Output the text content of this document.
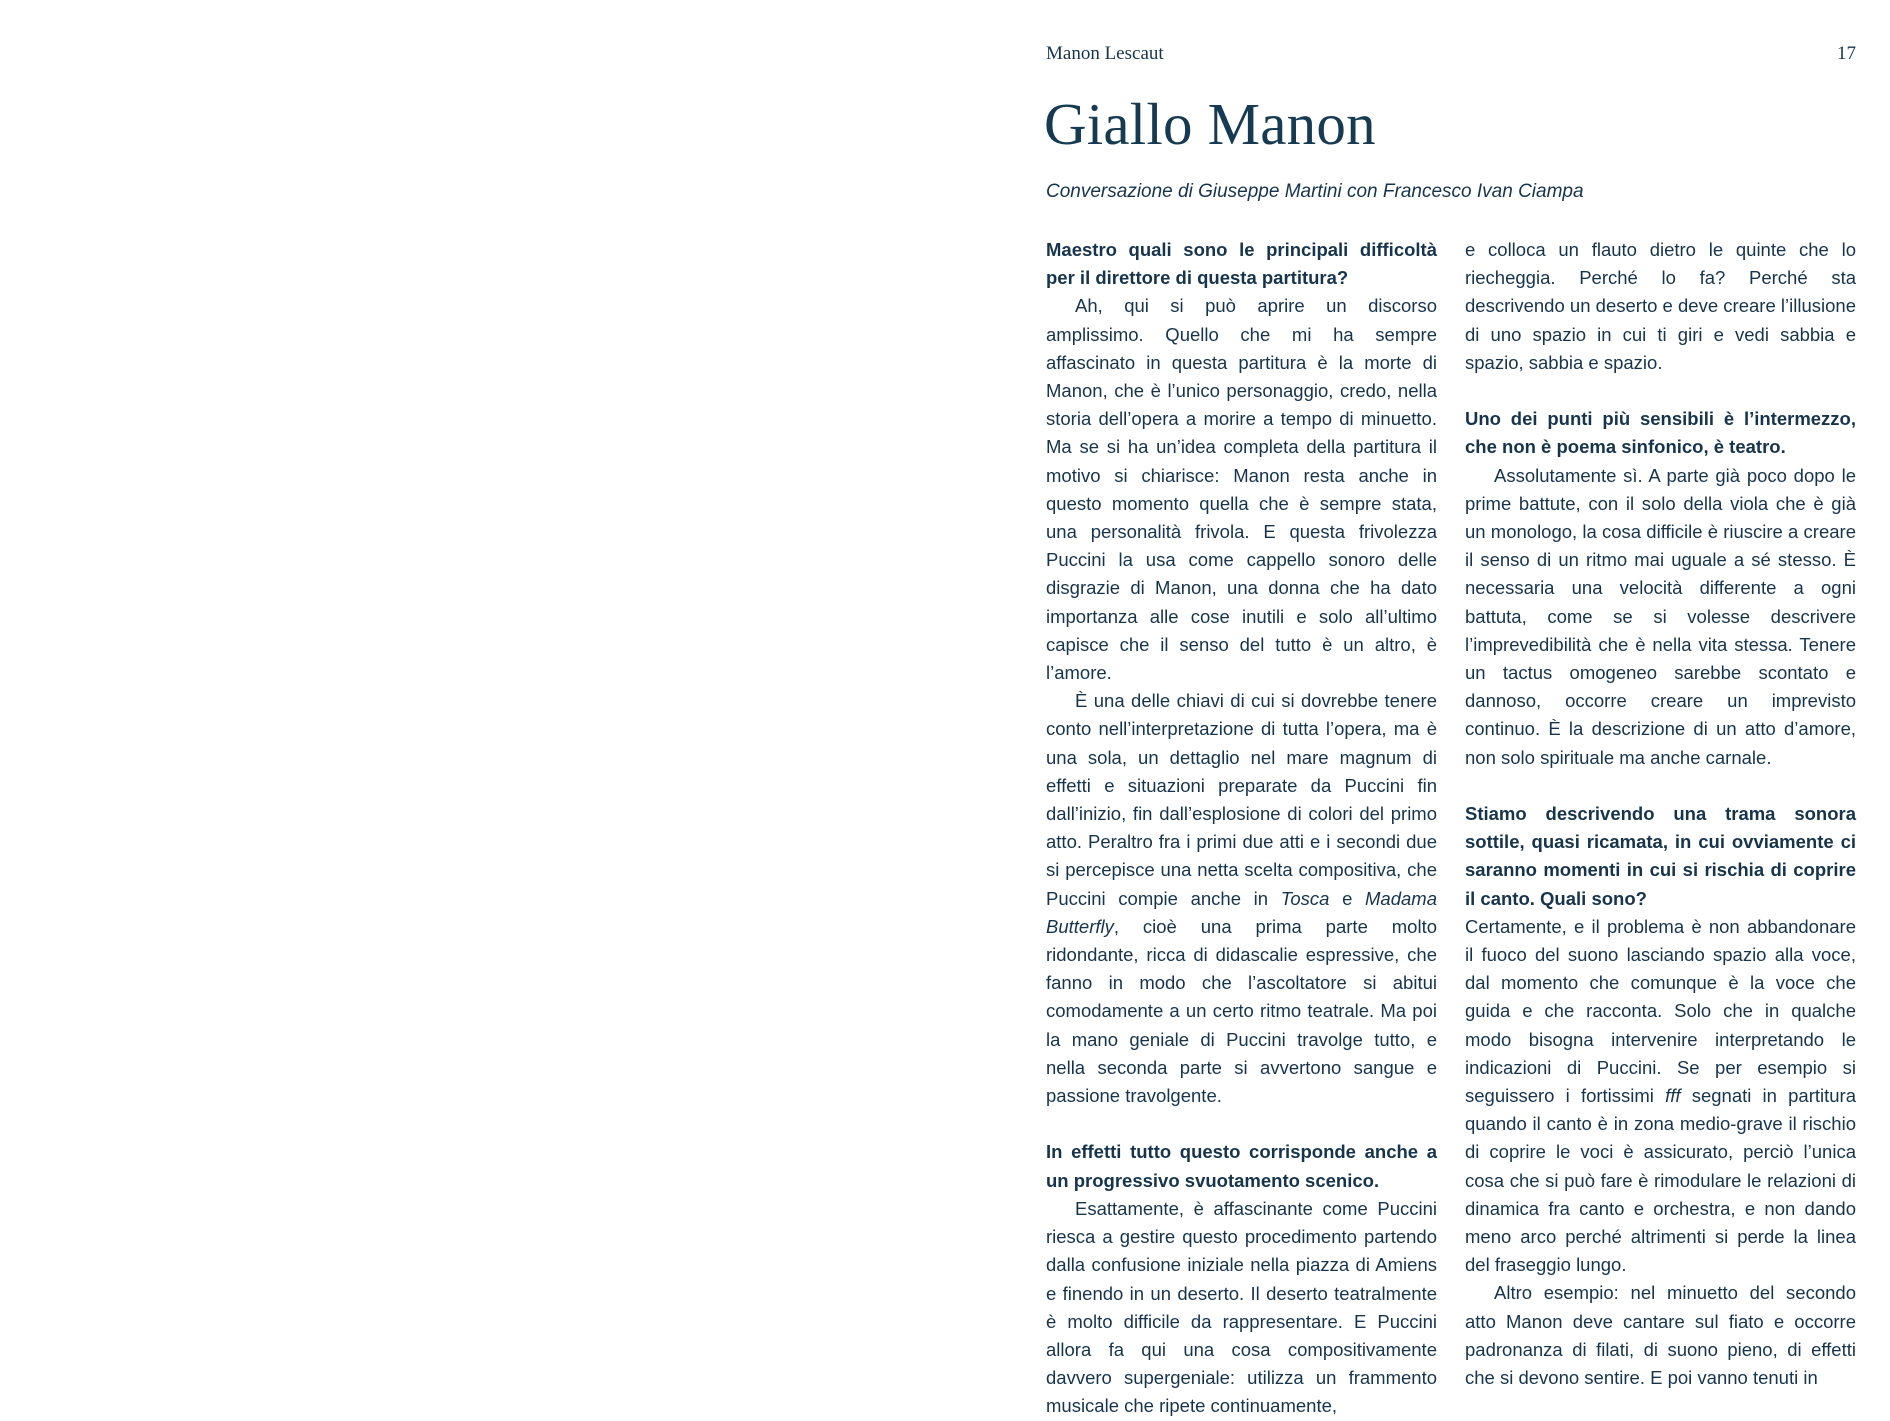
Manon Lescaut	17
Giallo Manon
Conversazione di Giuseppe Martini con Francesco Ivan Ciampa

Maestro quali sono le principali difficoltà per il direttore di questa partitura?

Ah, qui si può aprire un discorso amplissimo. Quello che mi ha sempre affascinato in questa partitura è la morte di Manon, che è l’unico personaggio, credo, nella storia dell’opera a morire a tempo di minuetto. Ma se si ha un’idea completa della partitura il motivo si chiarisce: Manon resta anche in questo momento quella che è sempre stata, una personalità frivola. E questa frivolezza Puccini la usa come cappello sonoro delle disgrazie di Manon, una donna che ha dato importanza alle cose inutili e solo all’ultimo capisce che il senso del tutto è un altro, è l’amore.

È una delle chiavi di cui si dovrebbe tenere conto nell’interpretazione di tutta l’opera, ma è una sola, un dettaglio nel mare magnum di effetti e situazioni preparate da Puccini fin dall’inizio, fin dall’esplosione di colori del primo atto. Peraltro fra i primi due atti e i secondi due si percepisce una netta scelta compositiva, che Puccini compie anche in Tosca e Madama Butterfly, cioè una prima parte molto ridondante, ricca di didascalie espressive, che fanno in modo che l’ascoltatore si abitui comodamente a un certo ritmo teatrale. Ma poi la mano geniale di Puccini travolge tutto, e nella seconda parte si avvertono sangue e passione travolgente.

In effetti tutto questo corrisponde anche a un progressivo svuotamento scenico.

Esattamente, è affascinante come Puccini riesca a gestire questo procedimento partendo dalla confusione iniziale nella piazza di Amiens e finendo in un deserto. Il deserto teatralmente è molto difficile da rappresentare. E Puccini allora fa qui una cosa compositivamente davvero supergeniale: utilizza un frammento musicale che ripete continuamente,

e colloca un flauto dietro le quinte che lo riecheggia. Perché lo fa? Perché sta descrivendo un deserto e deve creare l’illusione di uno spazio in cui ti giri e vedi sabbia e spazio, sabbia e spazio.

Uno dei punti più sensibili è l’intermezzo, che non è poema sinfonico, è teatro.

Assolutamente sì. A parte già poco dopo le prime battute, con il solo della viola che è già un monologo, la cosa difficile è riuscire a creare il senso di un ritmo mai uguale a sé stesso. È necessaria una velocità differente a ogni battuta, come se si volesse descrivere l’imprevedibilità che è nella vita stessa. Tenere un tactus omogeneo sarebbe scontato e dannoso, occorre creare un imprevisto continuo. È la descrizione di un atto d’amore, non solo spirituale ma anche carnale.

Stiamo descrivendo una trama sonora sottile, quasi ricamata, in cui ovviamente ci saranno momenti in cui si rischia di coprire il canto. Quali sono?

Certamente, e il problema è non abbandonare il fuoco del suono lasciando spazio alla voce, dal momento che comunque è la voce che guida e che racconta. Solo che in qualche modo bisogna intervenire interpretando le indicazioni di Puccini. Se per esempio si seguissero i fortissimi fff segnati in partitura quando il canto è in zona medio-grave il rischio di coprire le voci è assicurato, perciò l’unica cosa che si può fare è rimodulare le relazioni di dinamica fra canto e orchestra, e non dando meno arco perché altrimenti si perde la linea del fraseggio lungo.

Altro esempio: nel minuetto del secondo atto Manon deve cantare sul fiato e occorre padronanza di filati, di suono pieno, di effetti che si devono sentire. E poi vanno tenuti in
